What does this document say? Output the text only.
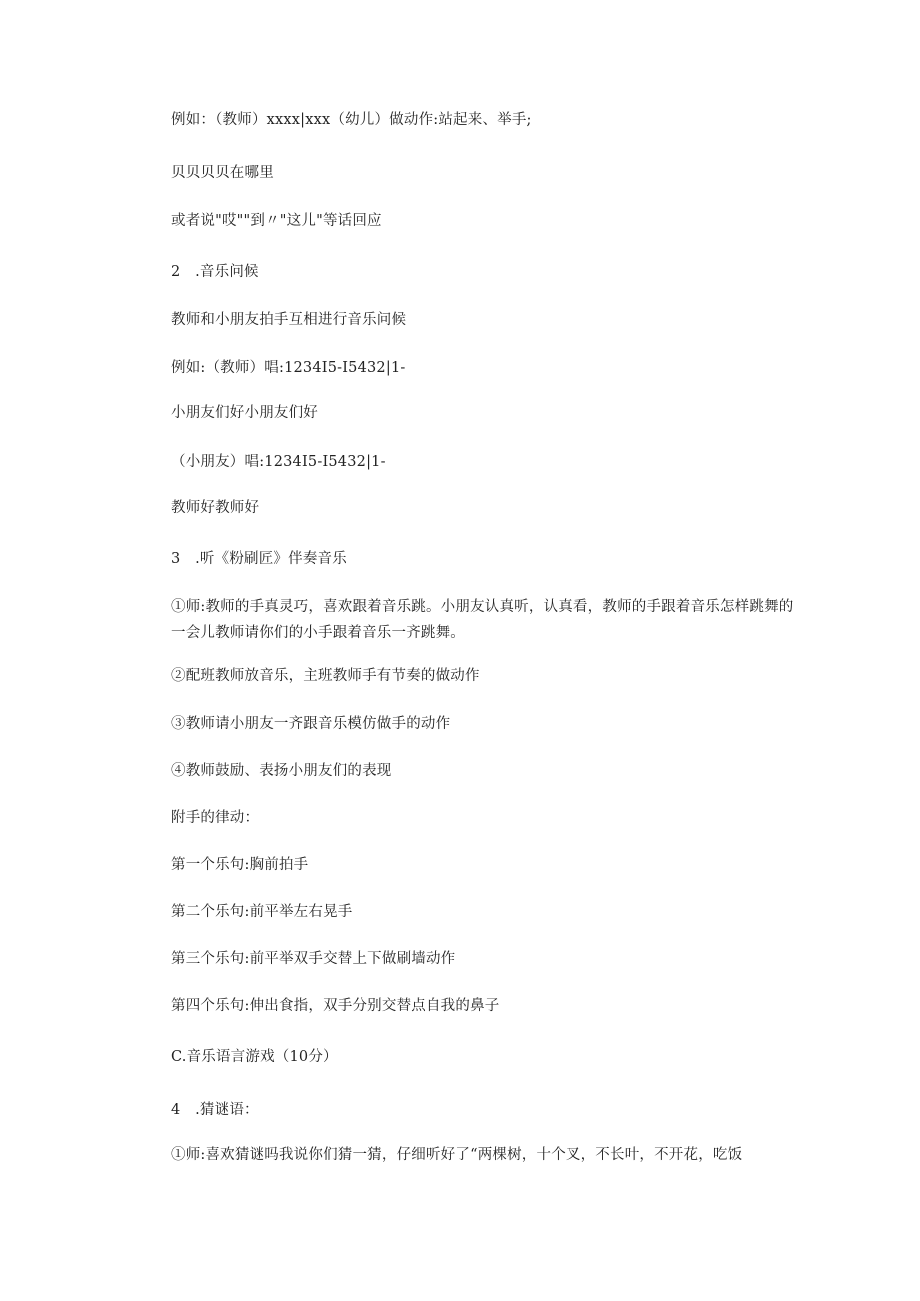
例如：（教师）xxxx|xxx（幼儿）做动作:站起来、举手;
贝贝贝贝在哪里
或者说"哎""到〃"这儿"等话回应
2　.音乐问候
教师和小朋友拍手互相进行音乐问候
例如:（教师）唱:1234I5-I5432|1-
小朋友们好小朋友们好
（小朋友）唱:1234I5-I5432|1-
教师好教师好
3　.听《粉刷匠》伴奏音乐
①师:教师的手真灵巧，喜欢跟着音乐跳。小朋友认真听，认真看，教师的手跟着音乐怎样跳舞的一会儿教师请你们的小手跟着音乐一齐跳舞。
②配班教师放音乐，主班教师手有节奏的做动作
③教师请小朋友一齐跟音乐模仿做手的动作
④教师鼓励、表扬小朋友们的表现
附手的律动：
第一个乐句:胸前拍手
第二个乐句:前平举左右晃手
第三个乐句:前平举双手交替上下做刷墙动作
第四个乐句:伸出食指，双手分别交替点自我的鼻子
C.音乐语言游戏（10分）
4　.猜谜语：
①师:喜欢猜谜吗我说你们猜一猜，仔细听好了“两棵树，十个叉，不长叶，不开花，吃饭
